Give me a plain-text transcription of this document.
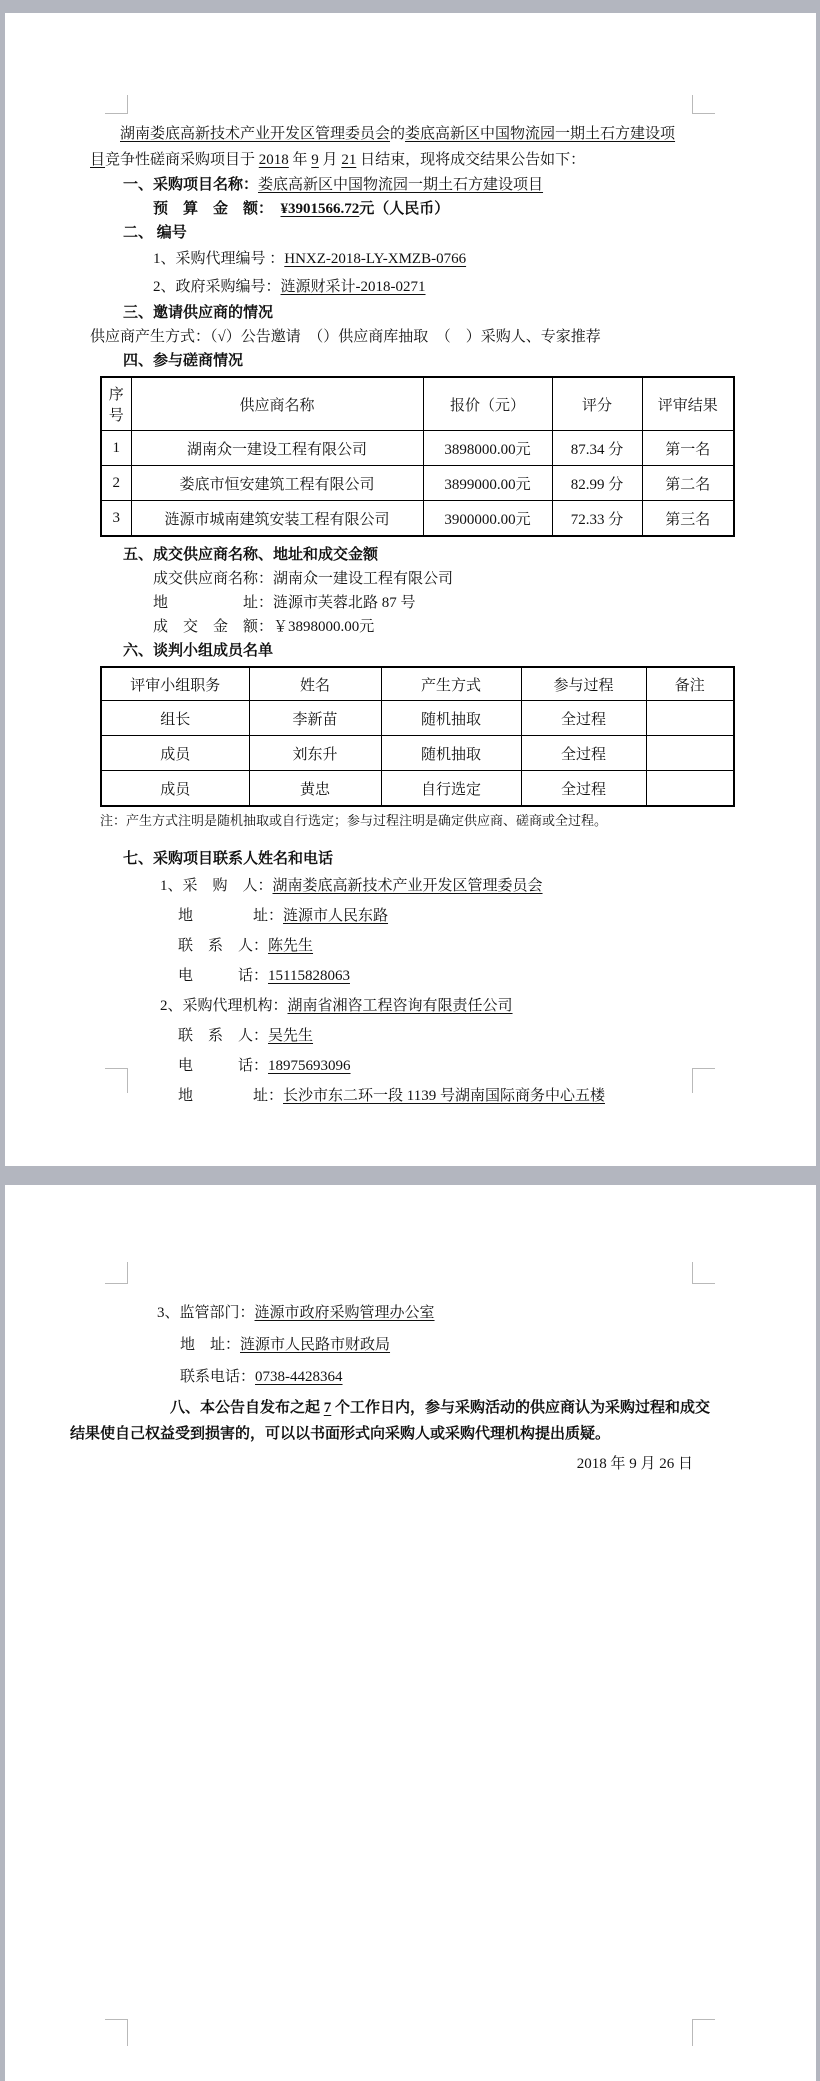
湖南娄底高新技术产业开发区管理委员会的娄底高新区中国物流园一期土石方建设项
目竞争性磋商采购项目于 2018 年 9 月 21 日结束，现将成交结果公告如下：

一、采购项目名称：娄底高新区中国物流园一期土石方建设项目
预　算　金　额：　¥3901566.72元（人民币）
二、 编号
1、采购代理编号 ：HNXZ-2018-LY-XMZB-0766
2、政府采购编号：涟源财采计-2018-0271
三、邀请供应商的情况
供应商产生方式：（√）公告邀请　（）供应商库抽取　（　）采购人、专家推荐
四、参与磋商情况
序号	供应商名称	报价（元）	评分	评审结果
1	湖南众一建设工程有限公司	3898000.00元	87.34 分	第一名
2	娄底市恒安建筑工程有限公司	3899000.00元	82.99 分	第二名
3	涟源市城南建筑安装工程有限公司	3900000.00元	72.33 分	第三名
五、成交供应商名称、地址和成交金额
成交供应商名称：湖南众一建设工程有限公司
地　　　　　址：涟源市芙蓉北路 87 号
成　交　金　额：￥3898000.00元
六、谈判小组成员名单
评审小组职务	姓名	产生方式	参与过程	备注
组长	李新苗	随机抽取	全过程	
成员	刘东升	随机抽取	全过程	
成员	黄忠	自行选定	全过程	
注：产生方式注明是随机抽取或自行选定；参与过程注明是确定供应商、磋商或全过程。
七、采购项目联系人姓名和电话
1、采　购　人：湖南娄底高新技术产业开发区管理委员会
地　　　　址：涟源市人民东路
联　系　人：陈先生
电　　　话：15115828063
2、采购代理机构：湖南省湘咨工程咨询有限责任公司
联　系　人：吴先生
电　　　话：18975693096
地　　　　址：长沙市东二环一段 1139 号湖南国际商务中心五楼
3、监管部门：涟源市政府采购管理办公室
地　址：涟源市人民路市财政局
联系电话：0738-4428364

八、本公告自发布之起 7 个工作日内，参与采购活动的供应商认为采购过程和成交
结果使自己权益受到损害的，可以以书面形式向采购人或采购代理机构提出质疑。

2018 年 9 月 26 日
